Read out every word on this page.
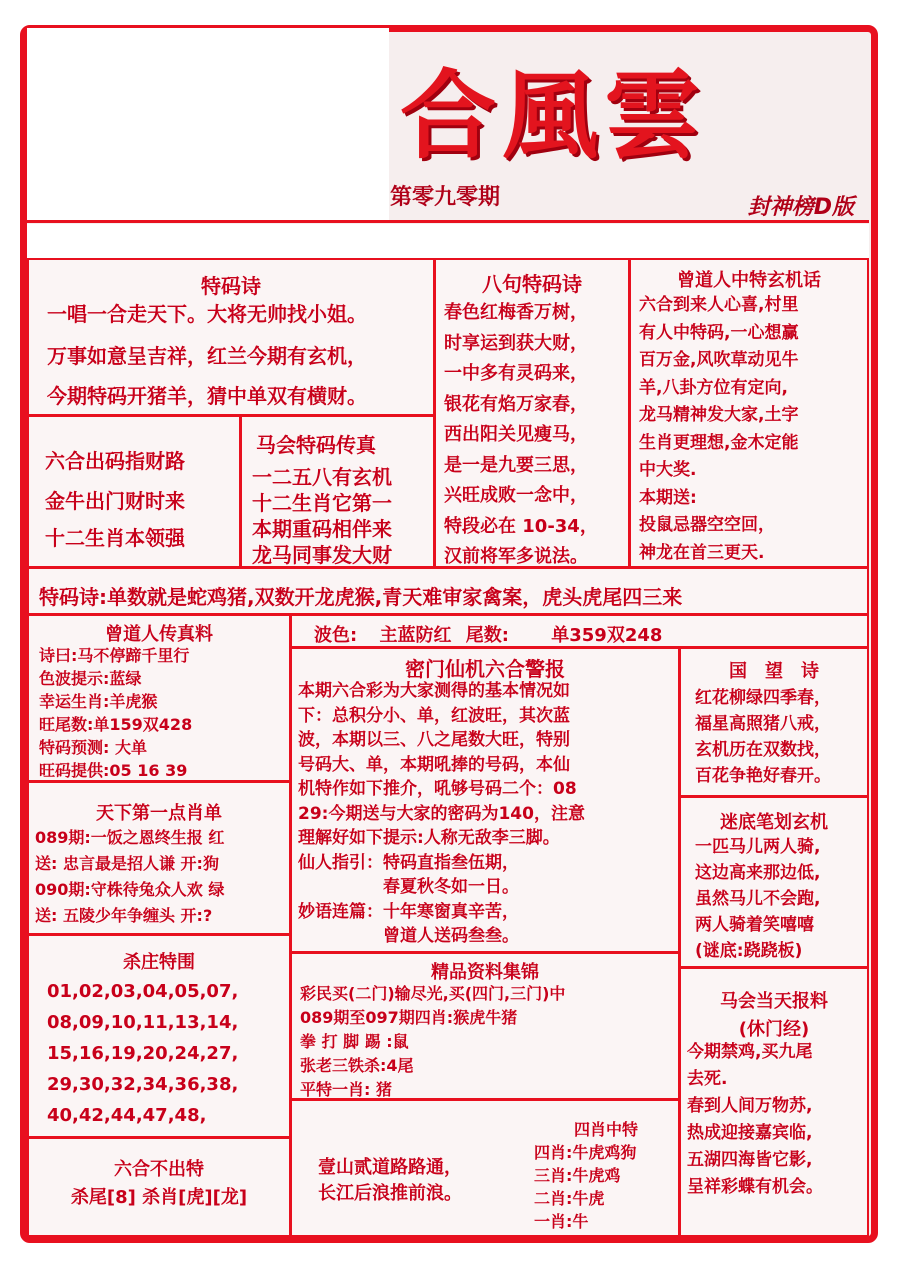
合風雲
第零九零期	封神榜D版
特码诗
一唱一合走天下。大将无帅找小姐。
万事如意呈吉祥，红兰今期有玄机，
今期特码开猪羊，猜中单双有横财。
八句特码诗
春色红梅香万树，
时享运到获大财，
一中多有灵码来，
银花有焰万家春，
西出阳关见瘦马，
是一是九要三思，
兴旺成败一念中，
特段必在 10-34，
汉前将军多说法。
曾道人中特玄机话
六合到来人心喜,村里
有人中特码,一心想赢
百万金,风吹草动见牛
羊,八卦方位有定向,
龙马精神发大家,土字
生肖更理想,金木定能
中大奖.
本期送:
投鼠忌器空空回，
神龙在首三更天.
六合出码指财路
金牛出门财时来
十二生肖本领强
马会特码传真
一二五八有玄机
十二生肖它第一
本期重码相伴来
龙马同事发大财
特码诗:单数就是蛇鸡猪,双数开龙虎猴,青天难审家禽案，虎头虎尾四三来
曾道人传真料
诗曰:马不停蹄千里行
色波提示:蓝绿
幸运生肖:羊虎猴
旺尾数:单159双428
特码预测: 大单
旺码提供:05 16 39
波色: 主蓝防红 尾数: 单359双248
密门仙机六合警报
本期六合彩为大家测得的基本情况如
下：总积分小、单，红波旺，其次蓝
波，本期以三、八之尾数大旺，特别
号码大、单，本期吼捧的号码，本仙
机特作如下推介，吼够号码二个：08
29:今期送与大家的密码为140，注意
理解好如下提示:人称无敌李三脚。
仙人指引：特码直指叁伍期，
　　　　　春夏秋冬如一日。
妙语连篇：十年寒窗真辛苦，
　　　　　曾道人送码叁叁。
国　望　诗
红花柳绿四季春，
福星高照猪八戒，
玄机历在双数找，
百花争艳好春开。
天下第一点肖单
089期:一饭之恩终生报 红
送: 忠言最是招人谦 开:狗
090期:守株待兔众人欢 绿
送: 五陵少年争缠头 开:?
迷底笔划玄机
一匹马儿两人骑,
这边高来那边低,
虽然马儿不会跑,
两人骑着笑嘻嘻
(谜底:跷跷板)
杀庄特围
01,02,03,04,05,07,
08,09,10,11,13,14,
15,16,19,20,24,27,
29,30,32,34,36,38,
40,42,44,47,48,
精品资料集锦
彩民买(二门)输尽光,买(四门,三门)中
089期至097期四肖:猴虎牛猪
拳 打 脚 踢 :鼠
张老三铁杀:4尾
平特一肖: 猪
马会当天报料
(休门经)
今期禁鸡,买九尾
去死.
春到人间万物苏,
热成迎接嘉宾临,
五湖四海皆它影,
呈祥彩蝶有机会。
六合不出特
杀尾[8] 杀肖[虎][龙]
壹山贰道路路通，
长江后浪推前浪。
四肖中特
四肖:牛虎鸡狗
三肖:牛虎鸡
二肖:牛虎
一肖:牛
